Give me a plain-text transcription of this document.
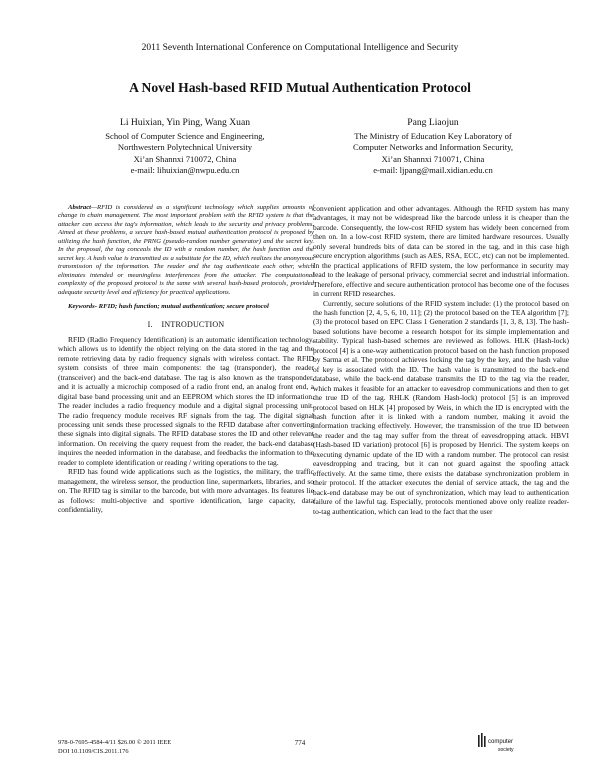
2011 Seventh International Conference on Computational Intelligence and Security
A Novel Hash-based RFID Mutual Authentication Protocol
Li Huixian, Yin Ping, Wang Xuan
School of Computer Science and Engineering,
Northwestern Polytechnical University
Xi’an Shannxi 710072, China
e-mail: lihuixian@nwpu.edu.cn
Pang Liaojun
The Ministry of Education Key Laboratory of
Computer Networks and Information Security,
Xi’an Shannxi 710071, China
e-mail: ljpang@mail.xidian.edu.cn

Abstract—RFID is considered as a significant technology which supplies amounts of change in chain management. The most important problem with the RFID system is that the attacker can access the tag's information, which leads to the security and privacy problems. Aimed at these problems, a secure hash-based mutual authentication protocol is proposed by utilizing the hash function, the PRNG (pseudo-random number generator) and the secret key. In the proposal, the tag conceals the ID with a random number, the hash function and the secret key. A hash value is transmitted as a substitute for the ID, which realizes the anonymous transmission of the information. The reader and the tag authenticate each other, which eliminates intended or meaningless interferences from the attacker. The computational complexity of the proposed protocol is the same with several hash-based protocols, provided adequate security level and efficiency for practical applications.

Keywords- RFID; hash function; mutual authentication; secure protocol
I. INTRODUCTION

RFID (Radio Frequency Identification) is an automatic identification technology, which allows us to identify the object relying on the data stored in the tag and the remote retrieving data by radio frequency signals with wireless contact. The RFID system consists of three main components: the tag (transponder), the reader (transceiver) and the back-end database. The tag is also known as the transponder, and it is actually a microchip composed of a radio front end, an analog front end, a digital base band processing unit and an EEPROM which stores the ID information. The reader includes a radio frequency module and a digital signal processing unit. The radio frequency module receives RF signals from the tag. The digital signal processing unit sends these processed signals to the RFID database after converting these signals into digital signals. The RFID database stores the ID and other relevant information. On receiving the query request from the reader, the back-end database inquires the needed information in the database, and feedbacks the information to the reader to complete identification or reading / writing operations to the tag.

RFID has found wide applications such as the logistics, the military, the traffic management, the wireless sensor, the production line, supermarkets, libraries, and so on. The RFID tag is similar to the barcode, but with more advantages. Its features lie as follows: multi-objective and sportive identification, large capacity, data confidentiality,

convenient application and other advantages. Although the RFID system has many advantages, it may not be widespread like the barcode unless it is cheaper than the barcode. Consequently, the low-cost RFID system has widely been concerned from then on. In a low-cost RFID system, there are limited hardware resources. Usually only several hundreds bits of data can be stored in the tag, and in this case high secure encryption algorithms (such as AES, RSA, ECC, etc) can not be implemented. In the practical applications of RFID system, the low performance in security may lead to the leakage of personal privacy, commercial secret and industrial information. Therefore, effective and secure authentication protocol has become one of the focuses in current RFID researches.

Currently, secure solutions of the RFID system include: (1) the protocol based on the hash function [2, 4, 5, 6, 10, 11]; (2) the protocol based on the TEA algorithm [7]; (3) the protocol based on EPC Class 1 Generation 2 standards [1, 3, 8, 13]. The hash-based solutions have become a research hotspot for its simple implementation and stability. Typical hash-based schemes are reviewed as follows. HLK (Hash-lock) protocol [4] is a one-way authentication protocol based on the hash function proposed by Sarma et al. The protocol achieves locking the tag by the key, and the hash value of key is associated with the ID. The hash value is transmitted to the back-end database, while the back-end database transmits the ID to the tag via the reader, which makes it feasible for an attacker to eavesdrop communications and then to get the true ID of the tag. RHLK (Random Hash-lock) protocol [5] is an improved protocol based on HLK [4] proposed by Weis, in which the ID is encrypted with the hash function after it is linked with a random number, making it avoid the information tracking effectively. However, the transmission of the true ID between the reader and the tag may suffer from the threat of eavesdropping attack. HBVI (Hash-based ID variation) protocol [6] is proposed by Henrici. The system keeps on executing dynamic update of the ID with a random number. The protocol can resist eavesdropping and tracing, but it can not guard against the spoofing attack effectively. At the same time, there exists the database synchronization problem in their protocol. If the attacker executes the denial of service attack, the tag and the back-end database may be out of synchronization, which may lead to authentication failure of the lawful tag. Especially, protocols mentioned above only realize reader-to-tag authentication, which can lead to the fact that the user

978-0-7695-4584-4/11 $26.00 © 2011 IEEE
DOI 10.1109/CIS.2011.176
774	computer
society
